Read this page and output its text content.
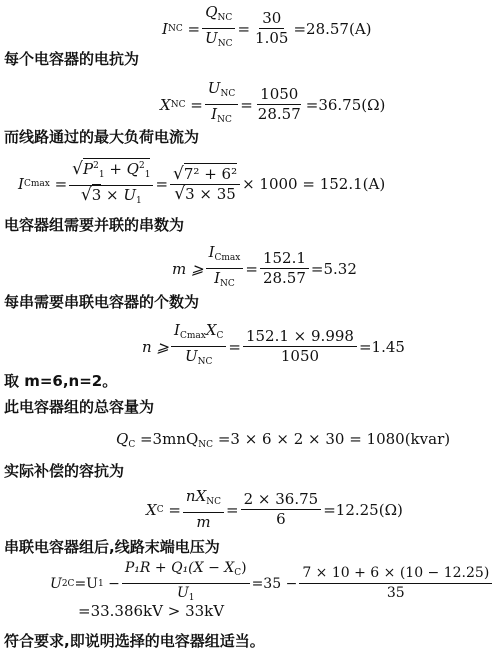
I NC = $\frac{Q_{NC}}{U_{NC}} = \frac{30}{1.05} =28.57(A)$
每个电容器的电抗为
X NC = $\frac{U_{NC}}{I_{NC}} = \frac{1050}{28.57} =36.75(\Omega)$
而线路通过的最大负荷电流为
I $Cmax = \frac{√P^2_1 + Q^2_1}{√3 \times U_1} = \frac{\text{√7² + 6²}}{√3 \times 35} \times 1000 = 152.1(A)$
电容器组需要并联的串数为
m ⩾ $\frac{I_{Cmax}}{I_{NC}} = \frac{152.1}{28.57} =5.32$
每串需要串联电容器的个数为
n ⩾ $\frac{I_{Cmax}X_C}{U_{NC}} = \frac{152.1 \times 9.998}{1050} =1.45$
取 m=6,n=2。
此电容器组的总容量为
$Q_C =3mnQ_{NC} =3 \times 6 \times 2 \times 30$ = 1080(kvar)
实际补偿的容抗为
X $C = \frac{nX_{NC}}{m} = \frac{2 \times 36.75}{6} =12.25(\Omega)$
串联电容器组后,线路末端电压为
U 2C =U $1 - \frac{P_1R + Q_1(X - X_C)}{U_1} =35 - \frac{7 \times 10 + 6 \times (10 - 12.25)}{35}$
=33.386kV > 33kV
符合要求,即说明选择的电容器组适当。
